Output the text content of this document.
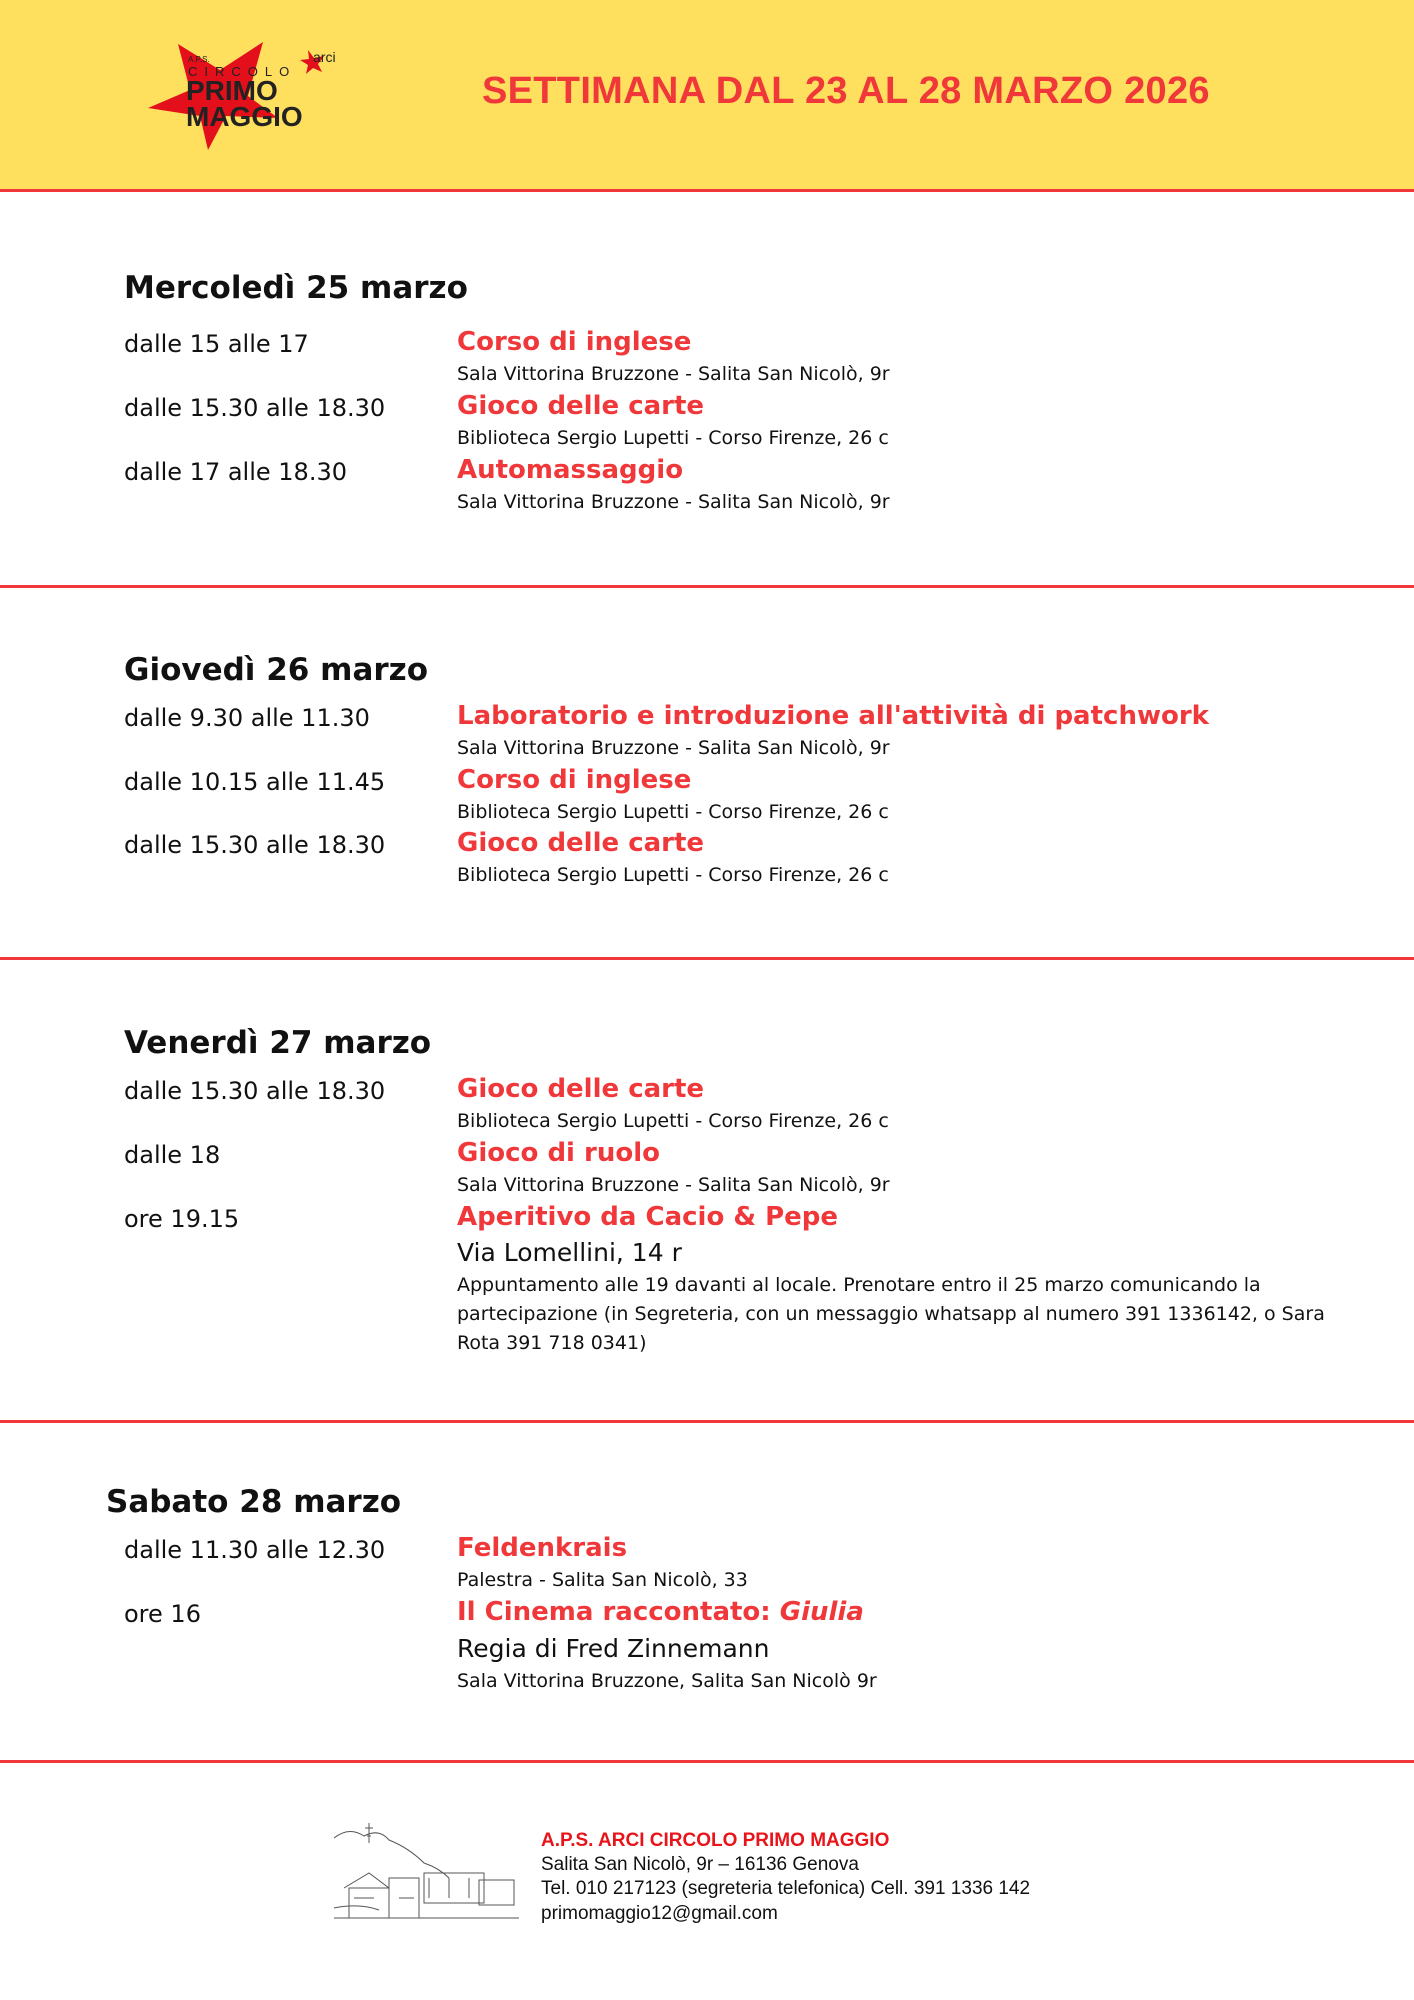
A.P.S.
CIRCOLO
PRIMO
MAGGIO
arci
SETTIMANA DAL 23 AL 28 MARZO 2026
Mercoledì 25 marzo
dalle 15 alle 17	Corso di inglese
Sala Vittorina Bruzzone - Salita San Nicolò, 9r
dalle 15.30 alle 18.30	Gioco delle carte
Biblioteca Sergio Lupetti - Corso Firenze, 26 c
dalle 17 alle 18.30	Automassaggio
Sala Vittorina Bruzzone - Salita San Nicolò, 9r
Giovedì 26 marzo
dalle 9.30 alle 11.30	Laboratorio e introduzione all'attività di patchwork
Sala Vittorina Bruzzone - Salita San Nicolò, 9r
dalle 10.15 alle 11.45	Corso di inglese
Biblioteca Sergio Lupetti - Corso Firenze, 26 c
dalle 15.30 alle 18.30	Gioco delle carte
Biblioteca Sergio Lupetti - Corso Firenze, 26 c
Venerdì 27 marzo
dalle 15.30 alle 18.30	Gioco delle carte
Biblioteca Sergio Lupetti - Corso Firenze, 26 c
dalle 18	Gioco di ruolo
Sala Vittorina Bruzzone - Salita San Nicolò, 9r
ore 19.15	Aperitivo da Cacio & Pepe
Via Lomellini, 14 r
Appuntamento alle 19 davanti al locale. Prenotare entro il 25 marzo comunicando la partecipazione (in Segreteria, con un messaggio whatsapp al numero 391 1336142, o Sara Rota 391 718 0341)
Sabato 28 marzo
dalle 11.30 alle 12.30	Feldenkrais
Palestra - Salita San Nicolò, 33
ore 16	Il Cinema raccontato: Giulia
Regia di Fred Zinnemann
Sala Vittorina Bruzzone, Salita San Nicolò 9r
A.P.S. ARCI CIRCOLO PRIMO MAGGIO
Salita San Nicolò, 9r – 16136 Genova
Tel. 010 217123 (segreteria telefonica) Cell. 391 1336 142
primomaggio12@gmail.com
